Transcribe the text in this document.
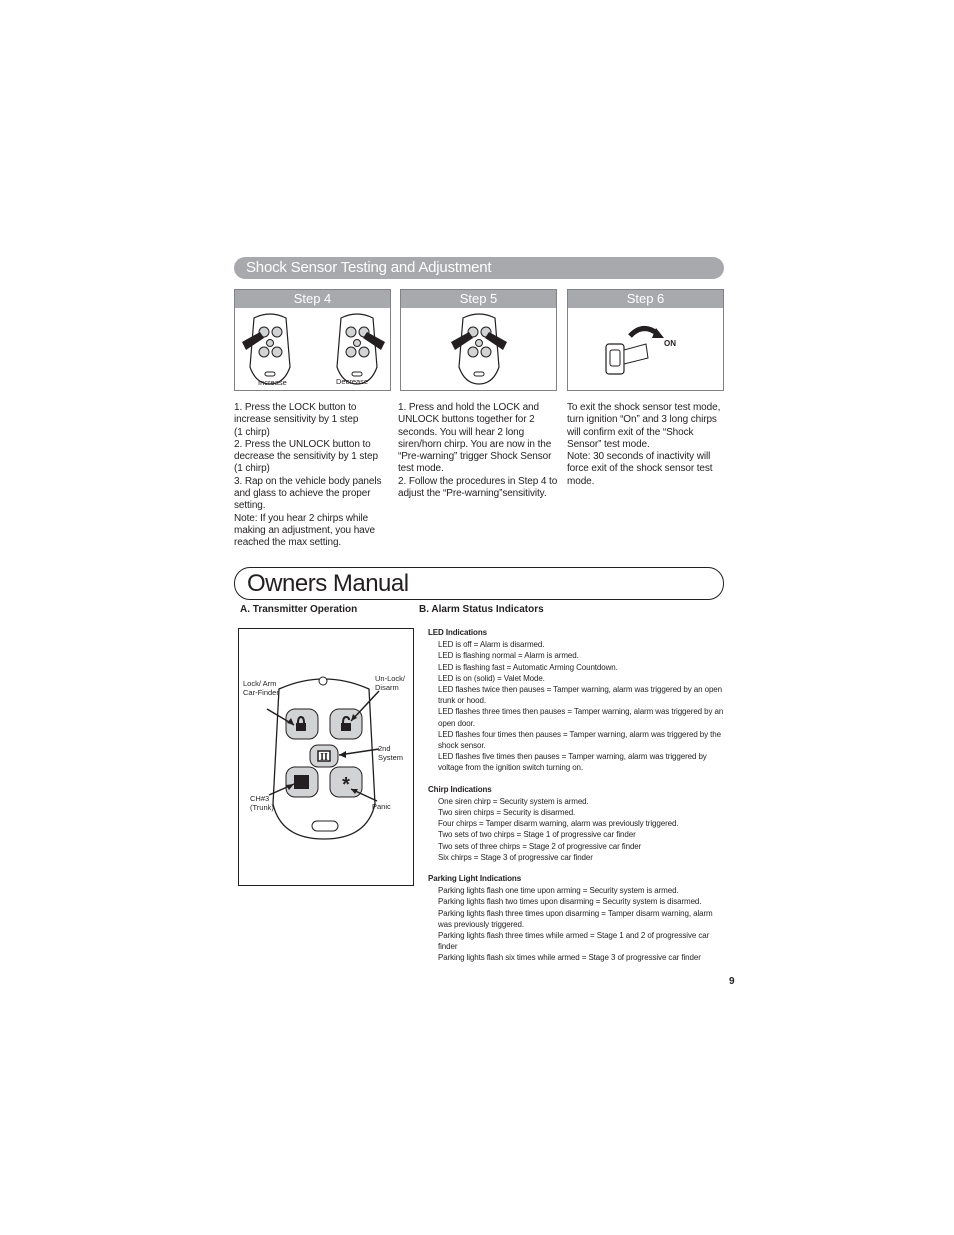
Shock Sensor Testing and Adjustment
Step 4
Increase	Decrease
Step 5	Step 6
ON

1. Press the LOCK button to increase sensitivity by 1 step

(1 chirp)

2. Press the UNLOCK button to decrease the sensitivity by 1 step

(1 chirp)

3. Rap on the vehicle body panels and glass to achieve the proper setting.

Note: If you hear 2 chirps while making an adjustment, you have reached the max setting.

1. Press and hold the LOCK and UNLOCK buttons together for 2 seconds. You will hear 2 long siren/horn chirp. You are now in the “Pre-warning” trigger Shock Sensor test mode.

2. Follow the procedures in Step 4 to adjust the “Pre-warning”sensitivity.

To exit the shock sensor test mode, turn ignition “On” and 3 long chirps will confirm exit of the “Shock Sensor” test mode.

Note: 30 seconds of inactivity will force exit of the shock sensor test mode.

Owners Manual
A. Transmitter Operation	B. Alarm Status Indicators
II
*
Lock/ Arm
Car-Finder
Un-Lock/
Disarm
2nd
System
CH#3
(Trunk)	Panic
LED Indications
LED is off = Alarm is disarmed.
LED is flashing normal = Alarm is armed.
LED is flashing fast = Automatic Arming Countdown.
LED is on (solid) = Valet Mode.
LED flashes twice then pauses = Tamper warning, alarm was triggered by an open trunk or hood.
LED flashes three times then pauses = Tamper warning, alarm was triggered by an open door.
LED flashes four times then pauses = Tamper warning, alarm was triggered by the shock sensor.
LED flashes five times then pauses = Tamper warning, alarm was triggered by voltage from the ignition switch turning on.
Chirp Indications
One siren chirp = Security system is armed.
Two siren chirps = Security is disarmed.
Four chirps = Tamper disarm warning, alarm was previously triggered.
Two sets of two chirps = Stage 1 of progressive car finder
Two sets of three chirps = Stage 2 of progressive car finder
Six chirps = Stage 3 of progressive car finder
Parking Light Indications
Parking lights flash one time upon arming = Security system is armed.
Parking lights flash two times upon disarming = Security system is disarmed.
Parking lights flash three times upon disarming = Tamper disarm warning, alarm was previously triggered.
Parking lights flash three times while armed = Stage 1 and 2 of progressive car finder
Parking lights flash six times while armed = Stage 3 of progressive car finder
9
